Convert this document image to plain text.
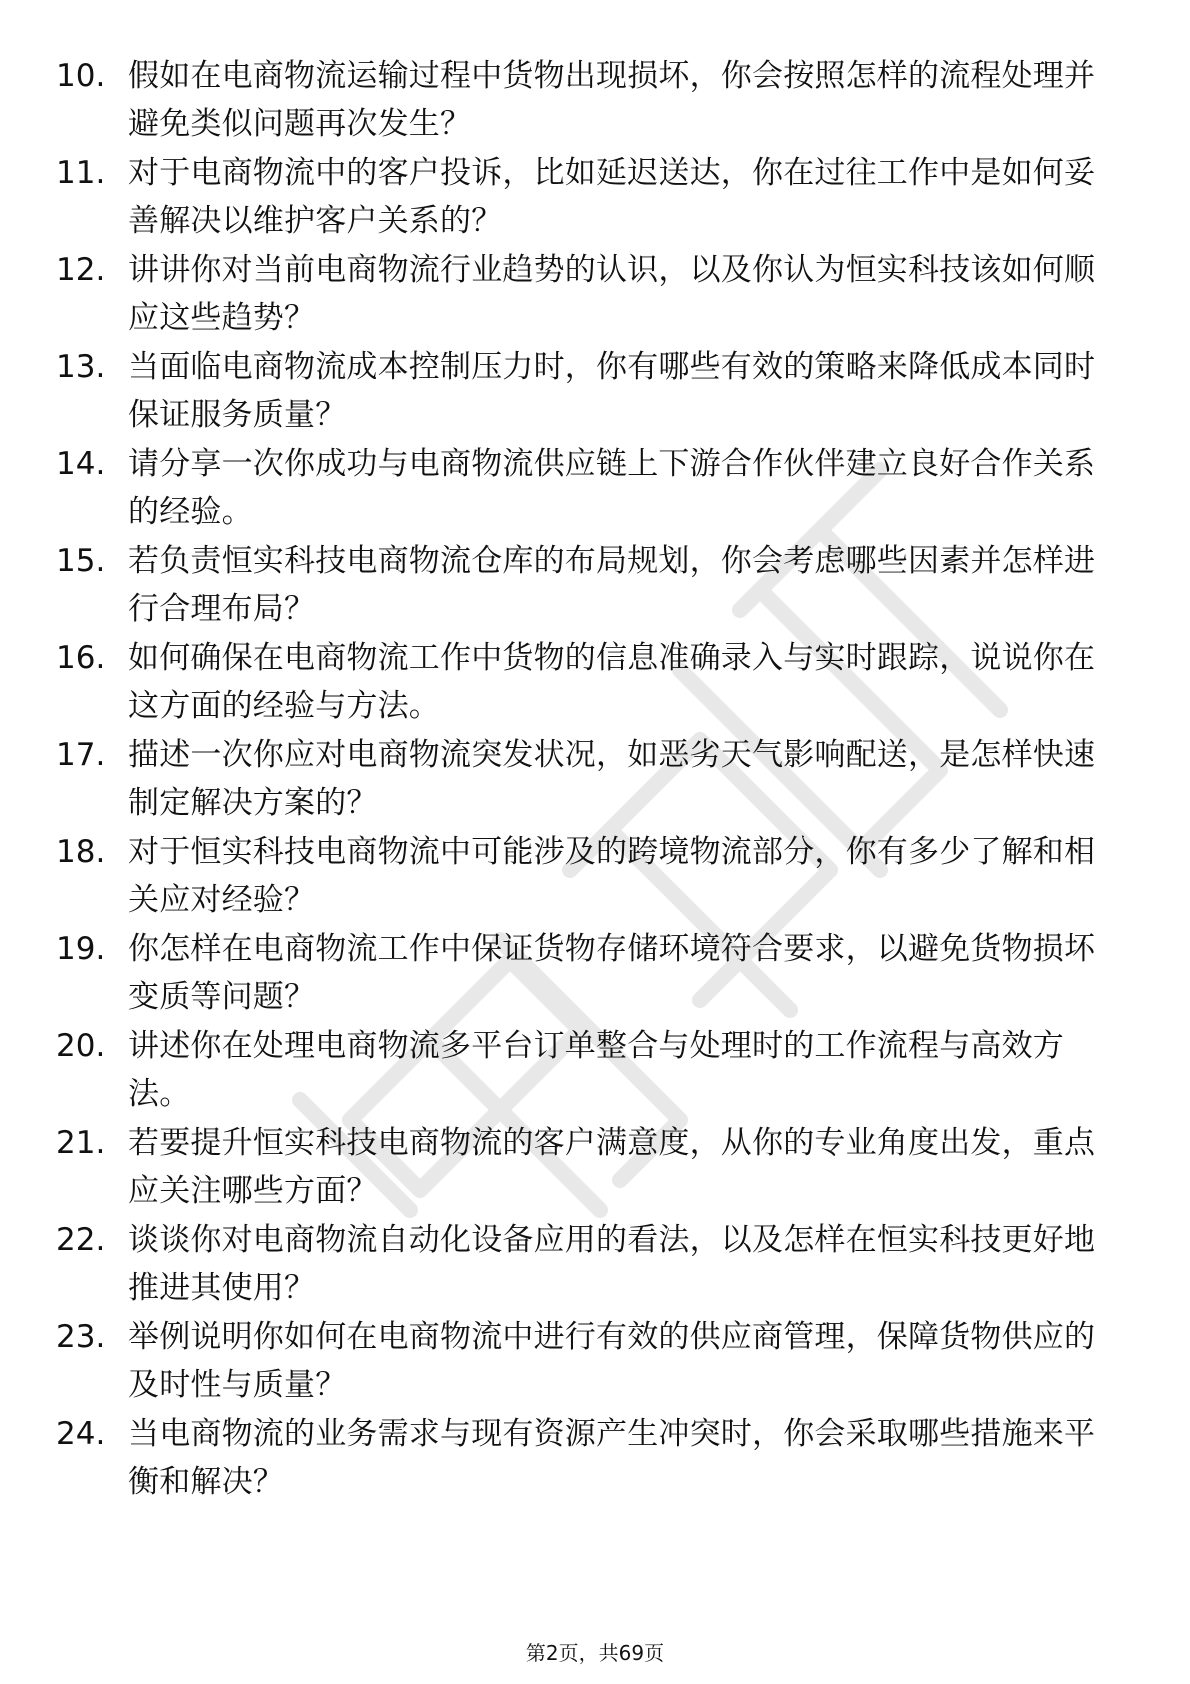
10. 假如在电商物流运输过程中货物出现损坏，你会按照怎样的流程处理并避免类似问题再次发生？
11. 对于电商物流中的客户投诉，比如延迟送达，你在过往工作中是如何妥善解决以维护客户关系的？
12. 讲讲你对当前电商物流行业趋势的认识，以及你认为恒实科技该如何顺应这些趋势？
13. 当面临电商物流成本控制压力时，你有哪些有效的策略来降低成本同时保证服务质量？
14. 请分享一次你成功与电商物流供应链上下游合作伙伴建立良好合作关系的经验。
15. 若负责恒实科技电商物流仓库的布局规划，你会考虑哪些因素并怎样进行合理布局？
16. 如何确保在电商物流工作中货物的信息准确录入与实时跟踪，说说你在这方面的经验与方法。
17. 描述一次你应对电商物流突发状况，如恶劣天气影响配送，是怎样快速制定解决方案的？
18. 对于恒实科技电商物流中可能涉及的跨境物流部分，你有多少了解和相关应对经验？
19. 你怎样在电商物流工作中保证货物存储环境符合要求，以避免货物损坏变质等问题？
20. 讲述你在处理电商物流多平台订单整合与处理时的工作流程与高效方法。
21. 若要提升恒实科技电商物流的客户满意度，从你的专业角度出发，重点应关注哪些方面？
22. 谈谈你对电商物流自动化设备应用的看法，以及怎样在恒实科技更好地推进其使用？
23. 举例说明你如何在电商物流中进行有效的供应商管理，保障货物供应的及时性与质量？
24. 当电商物流的业务需求与现有资源产生冲突时，你会采取哪些措施来平衡和解决？
第2页，共69页
